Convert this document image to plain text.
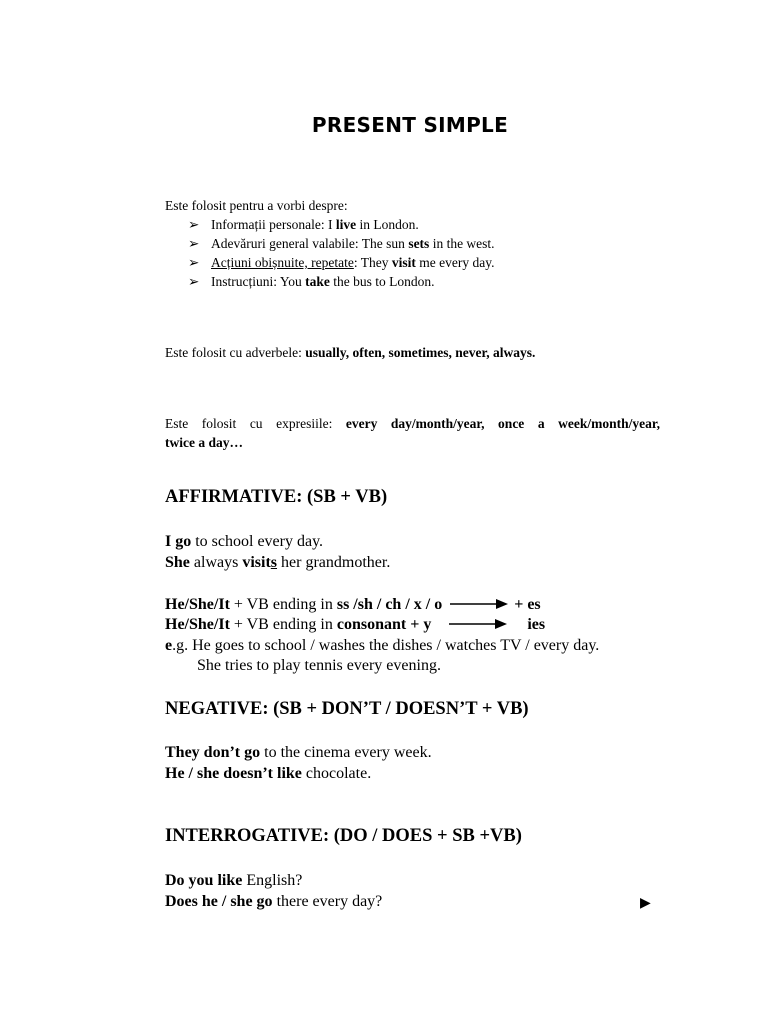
PRESENT SIMPLE
Este folosit pentru a vorbi despre:
➢ Informații personale: I live in London.
➢ Adevăruri general valabile: The sun sets in the west.
➢ Acțiuni obișnuite, repetate: They visit me every day.
➢ Instrucțiuni: You take the bus to London.
Este folosit cu adverbele: usually, often, sometimes, never, always.
Este folosit cu expresiile: every day/month/year, once a week/month/year,
twice a day…
AFFIRMATIVE: (SB + VB)
I go to school every day.
She always visits her grandmother.
He/She/It + VB ending in ss /sh / ch / x / o	+ es
He/She/It + VB ending in consonant + y	ies
e.g. He goes to school / washes the dishes / watches TV / every day.
She tries to play tennis every evening.
NEGATIVE: (SB + DON’T / DOESN’T + VB)
They don’t go to the cinema every week.
He / she doesn’t like chocolate.
INTERROGATIVE: (DO / DOES + SB +VB)
Do you like English?
Does he / she go there every day?	▶
